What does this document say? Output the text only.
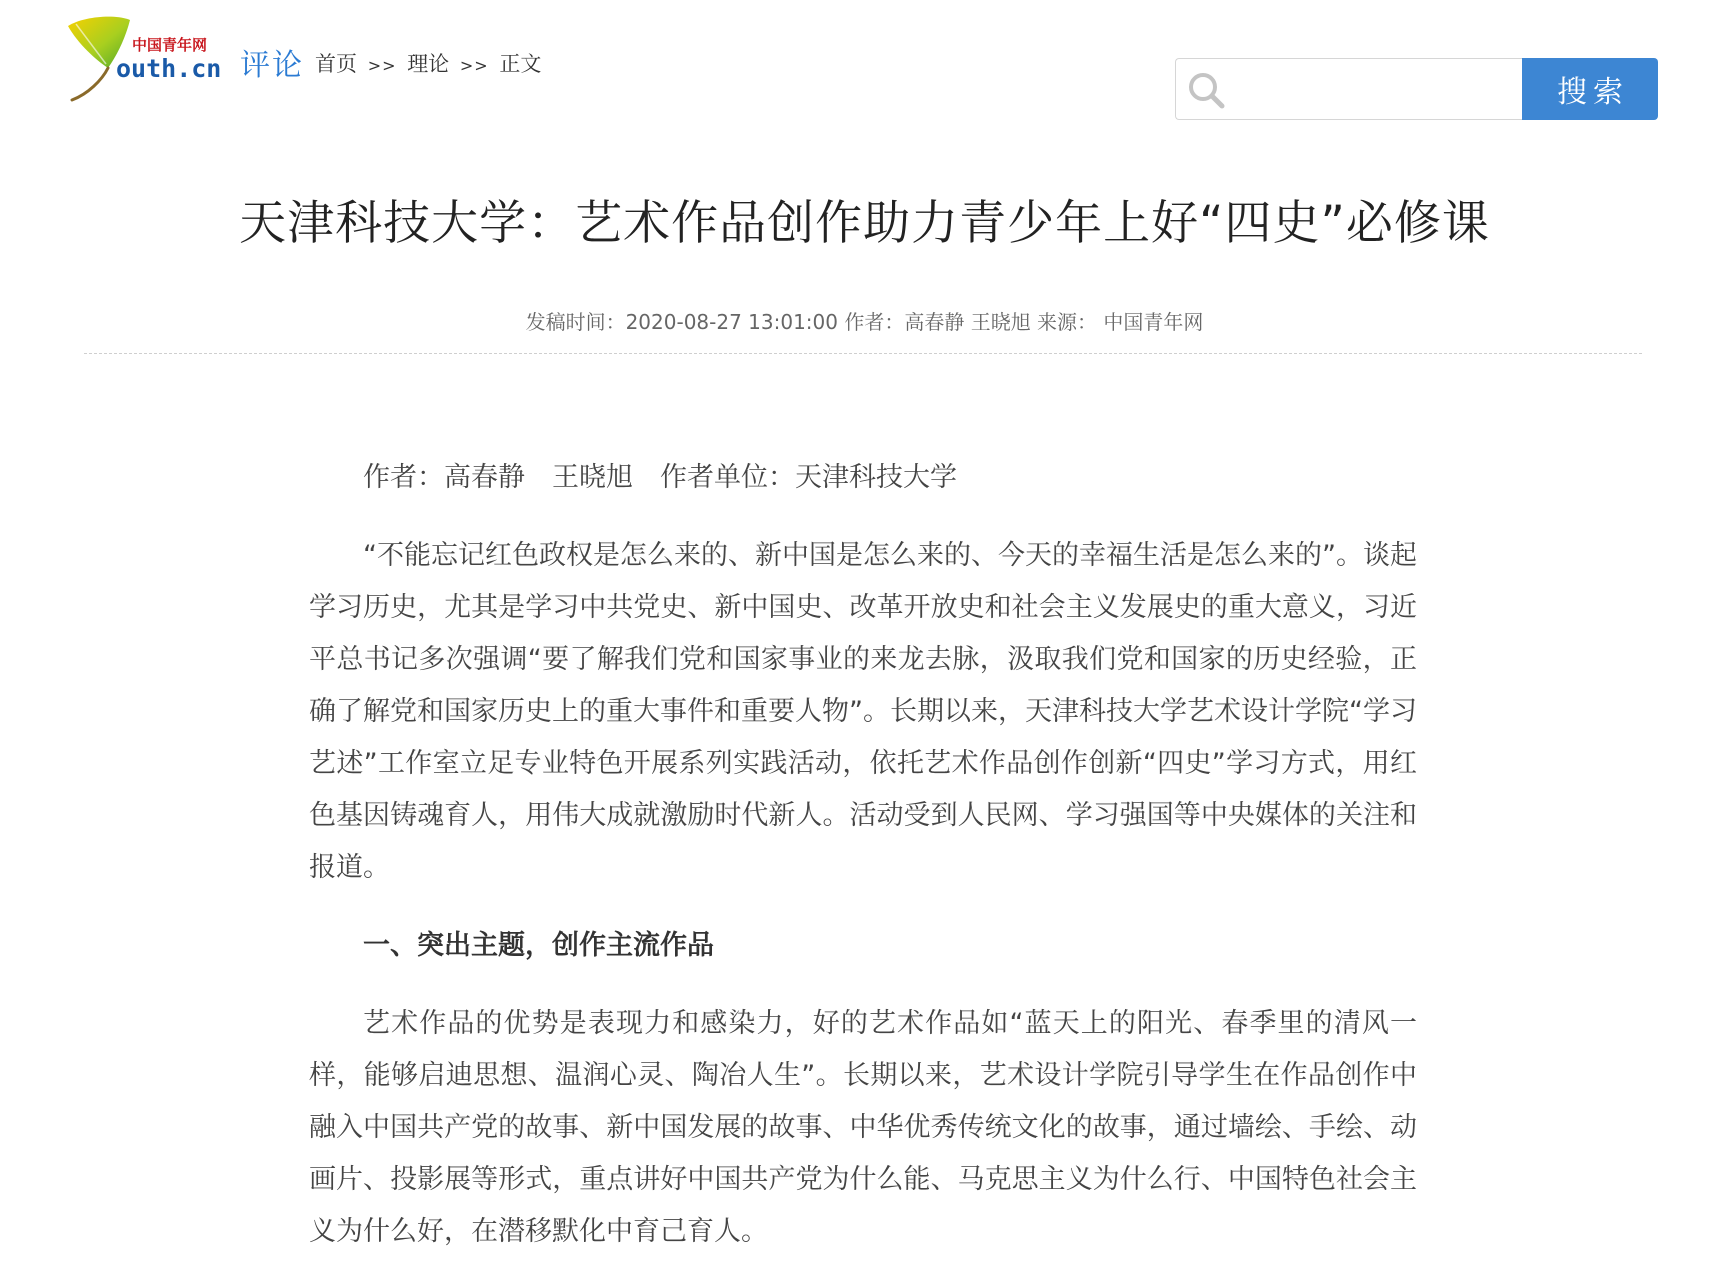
中国青年网
outh.cn 评论 首页 >> 理论 >> 正文
搜索
天津科技大学：艺术作品创作助力青少年上好“四史”必修课
发稿时间：2020-08-27 13:01:00 作者：高春静 王晓旭 来源： 中国青年网

作者：高春静　王晓旭　作者单位：天津科技大学

“不能忘记红色政权是怎么来的、新中国是怎么来的、今天的幸福生活是怎么来的”。谈起学习历史，尤其是学习中共党史、新中国史、改革开放史和社会主义发展史的重大意义，习近平总书记多次强调“要了解我们党和国家事业的来龙去脉，汲取我们党和国家的历史经验，正确了解党和国家历史上的重大事件和重要人物”。长期以来，天津科技大学艺术设计学院“学习　艺述”工作室立足专业特色开展系列实践活动，依托艺术作品创作创新“四史”学习方式，用红色基因铸魂育人，用伟大成就激励时代新人。活动受到人民网、学习强国等中央媒体的关注和报道。

一、突出主题，创作主流作品

艺术作品的优势是表现力和感染力，好的艺术作品如“蓝天上的阳光、春季里的清风一样，能够启迪思想、温润心灵、陶冶人生”。长期以来，艺术设计学院引导学生在作品创作中融入中国共产党的故事、新中国发展的故事、中华优秀传统文化的故事，通过墙绘、手绘、动画片、投影展等形式，重点讲好中国共产党为什么能、马克思主义为什么行、中国特色社会主义为什么好，在潜移默化中育己育人。
